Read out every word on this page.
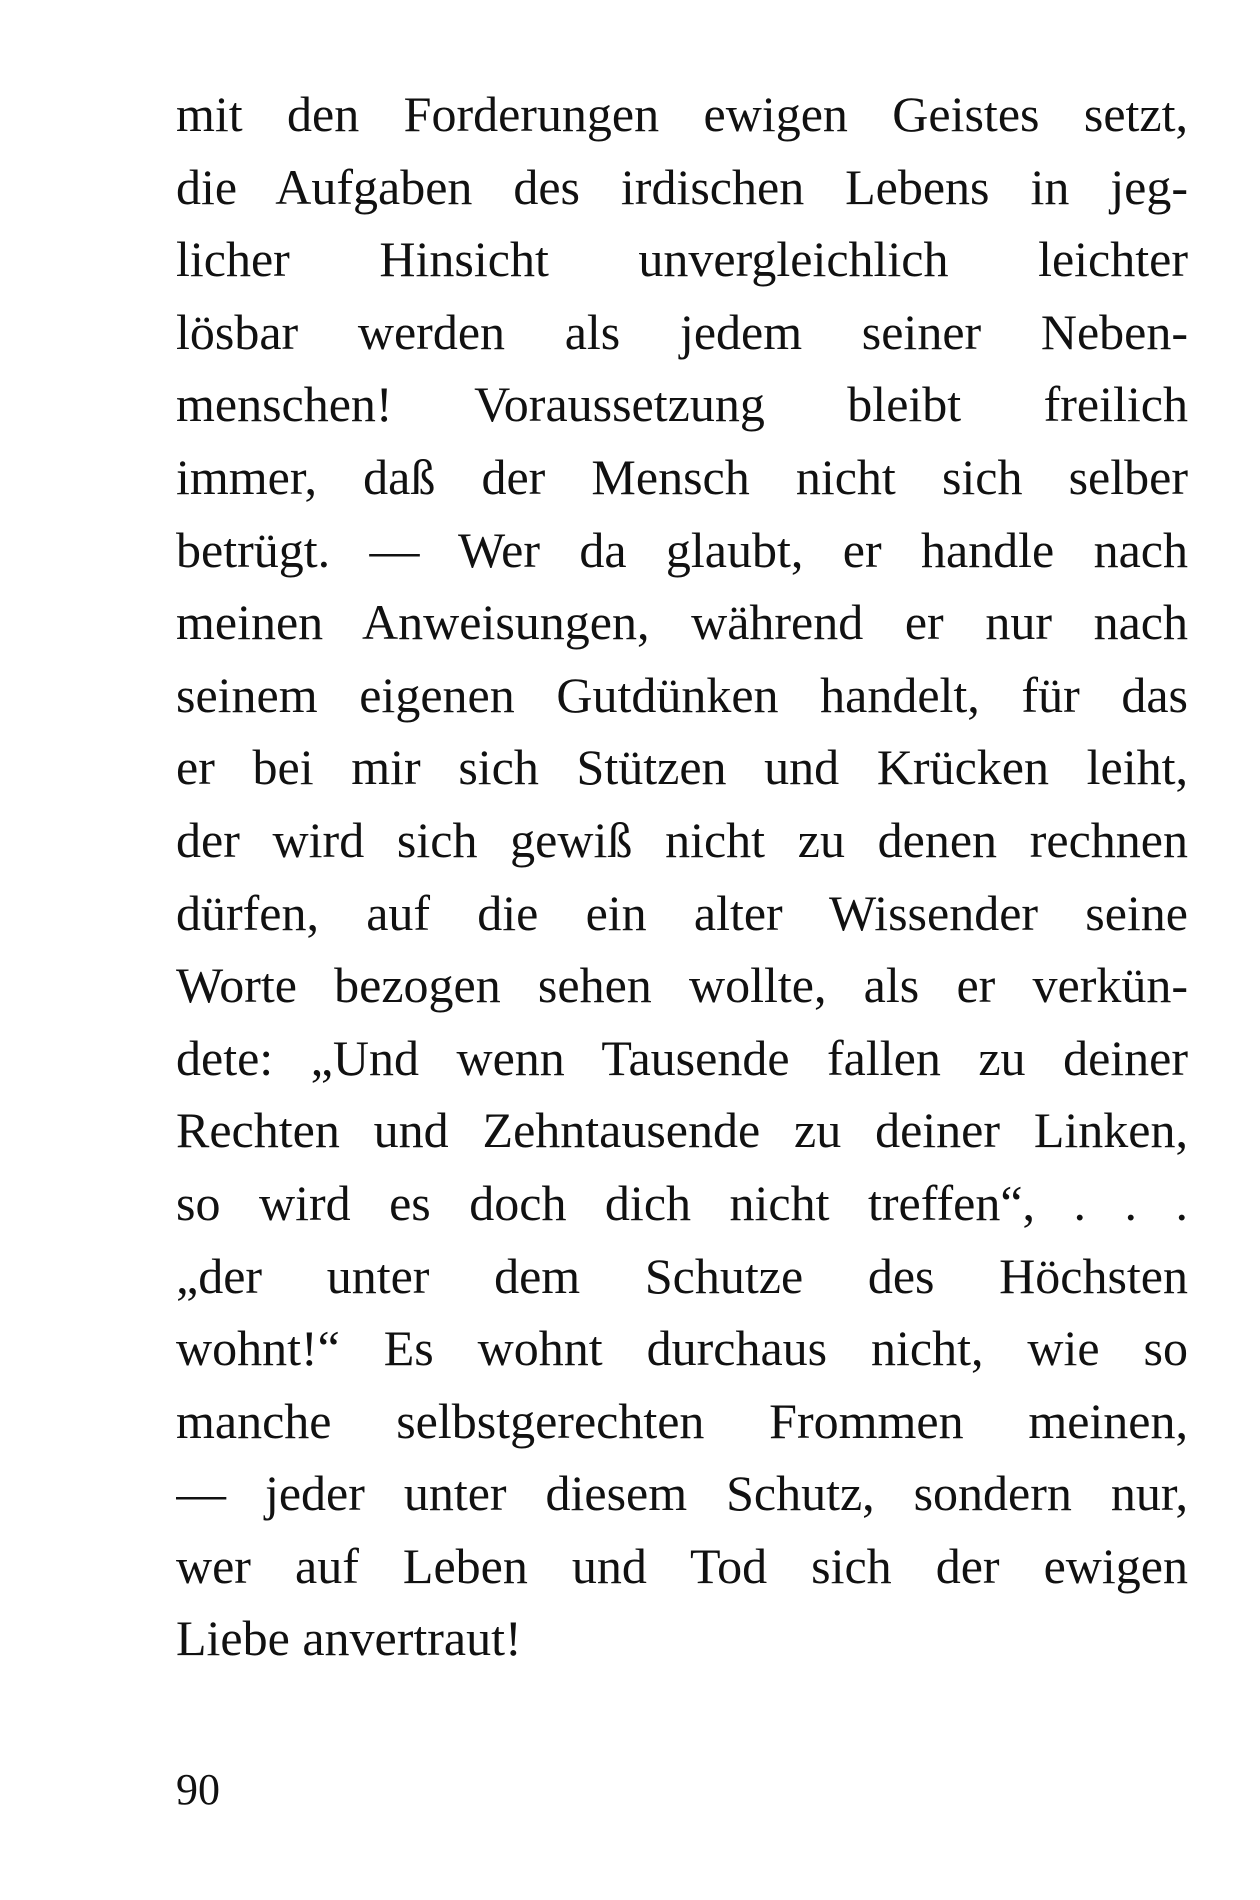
mit den Forderungen ewigen Geistes setzt,
die Aufgaben des irdischen Lebens in jeg-
licher Hinsicht unvergleichlich leichter
lösbar werden als jedem seiner Neben-
menschen! Voraussetzung bleibt freilich
immer, daß der Mensch nicht sich selber
betrügt. — Wer da glaubt, er handle nach
meinen Anweisungen, während er nur nach
seinem eigenen Gutdünken handelt, für das
er bei mir sich Stützen und Krücken leiht,
der wird sich gewiß nicht zu denen rechnen
dürfen, auf die ein alter Wissender seine
Worte bezogen sehen wollte, als er verkün-
dete: „Und wenn Tausende fallen zu deiner
Rechten und Zehntausende zu deiner Linken,
so wird es doch dich nicht treffen“, . . .
„der unter dem Schutze des Höchsten
wohnt!“ Es wohnt durchaus nicht, wie so
manche selbstgerechten Frommen meinen,
— jeder unter diesem Schutz, sondern nur,
wer auf Leben und Tod sich der ewigen
Liebe anvertraut!
90
